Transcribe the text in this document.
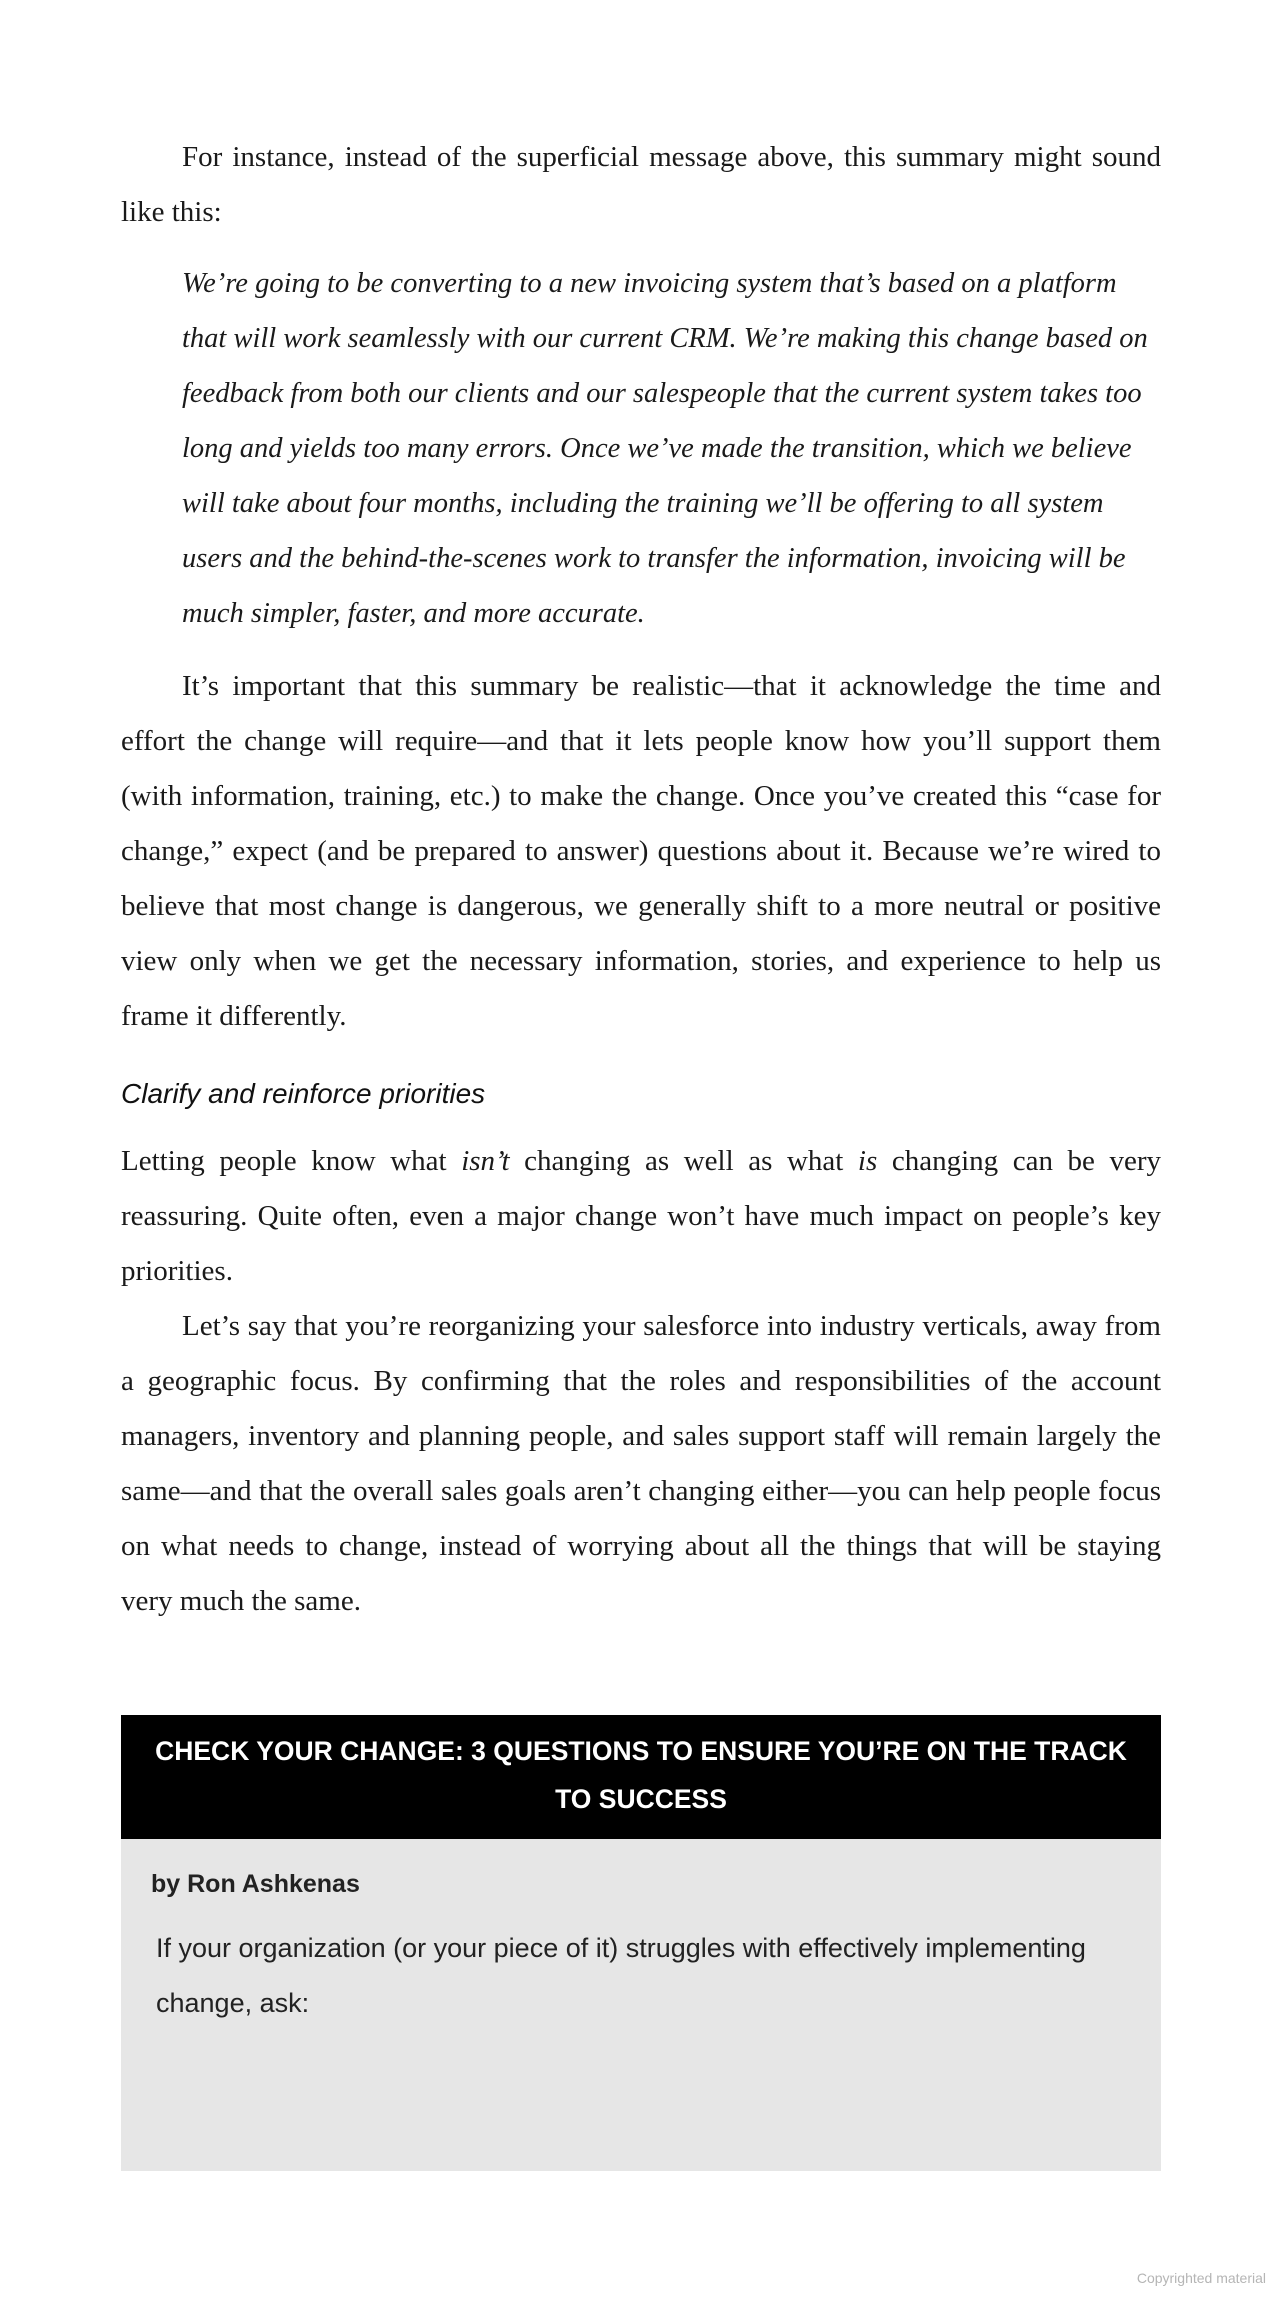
For instance, instead of the superficial message above, this summary might sound like this:

We’re going to be converting to a new invoicing system that’s based on a platform that will work seamlessly with our current CRM. We’re making this change based on feedback from both our clients and our salespeople that the current system takes too long and yields too many errors. Once we’ve made the transition, which we believe will take about four months, including the training we’ll be offering to all system users and the behind-the-scenes work to transfer the information, invoicing will be much simpler, faster, and more accurate.

It’s important that this summary be realistic—that it acknowledge the time and effort the change will require—and that it lets people know how you’ll support them (with information, training, etc.) to make the change. Once you’ve created this “case for change,” expect (and be prepared to answer) questions about it. Because we’re wired to believe that most change is dangerous, we generally shift to a more neutral or positive view only when we get the necessary information, stories, and experience to help us frame it differently.

Clarify and reinforce priorities

Letting people know what isn’t changing as well as what is changing can be very reassuring. Quite often, even a major change won’t have much impact on people’s key priorities.

Let’s say that you’re reorganizing your salesforce into industry verticals, away from a geographic focus. By confirming that the roles and responsibilities of the account managers, inventory and planning people, and sales support staff will remain largely the same—and that the overall sales goals aren’t changing either—you can help people focus on what needs to change, instead of worrying about all the things that will be staying very much the same.

CHECK YOUR CHANGE: 3 QUESTIONS TO ENSURE YOU’RE ON THE TRACK TO SUCCESS
by Ron Ashkenas
If your organization (or your piece of it) struggles with effectively implementing change, ask:
Copyrighted material
